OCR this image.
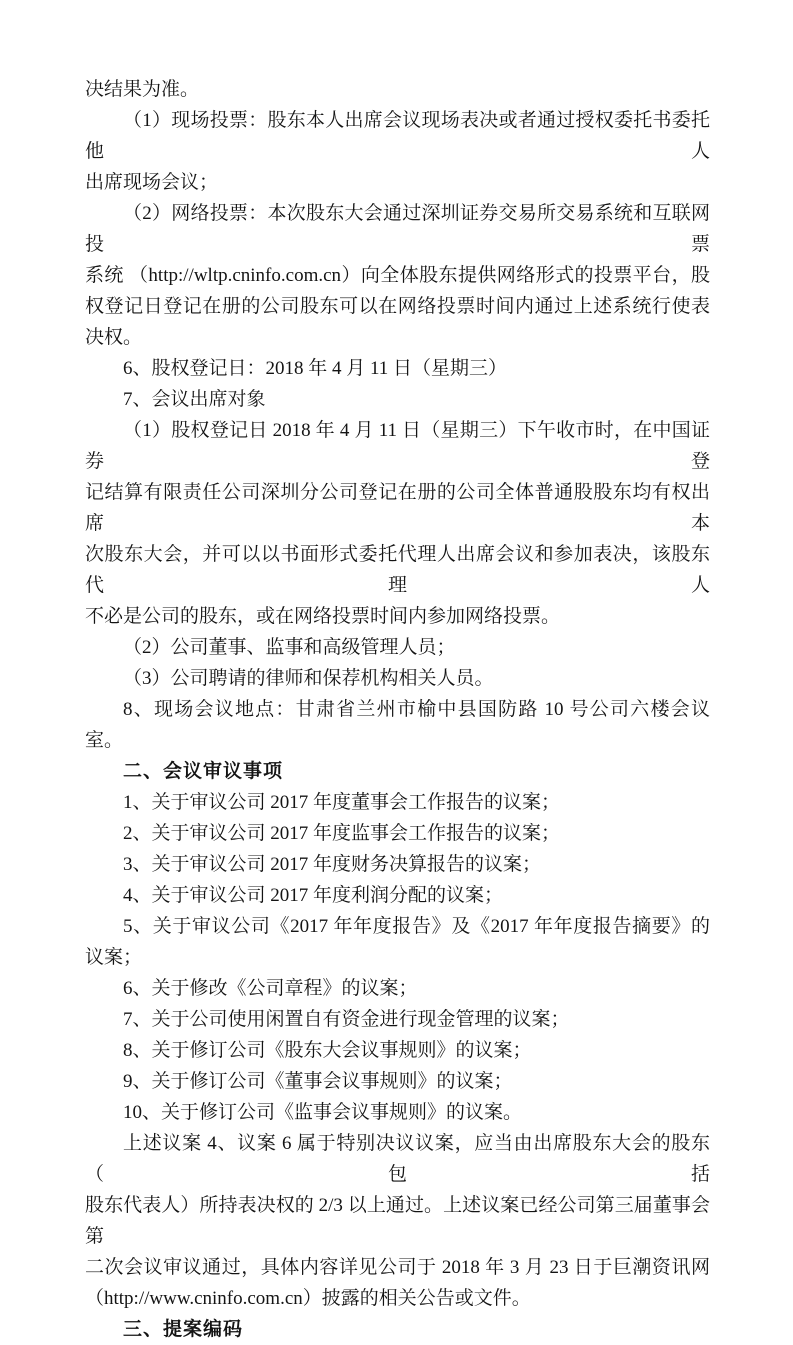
决结果为准。
（1）现场投票：股东本人出席会议现场表决或者通过授权委托书委托他人
出席现场会议；
（2）网络投票：本次股东大会通过深圳证券交易所交易系统和互联网投票
系统 （http://wltp.cninfo.com.cn）向全体股东提供网络形式的投票平台，股
权登记日登记在册的公司股东可以在网络投票时间内通过上述系统行使表决权。
6、股权登记日：2018 年 4 月 11 日（星期三）
7、会议出席对象
（1）股权登记日 2018 年 4 月 11 日（星期三）下午收市时，在中国证券登
记结算有限责任公司深圳分公司登记在册的公司全体普通股股东均有权出席本
次股东大会，并可以以书面形式委托代理人出席会议和参加表决，该股东代理人
不必是公司的股东，或在网络投票时间内参加网络投票。
（2）公司董事、监事和高级管理人员；
（3）公司聘请的律师和保荐机构相关人员。
8、现场会议地点：甘肃省兰州市榆中县国防路 10 号公司六楼会议室。
二、会议审议事项
1、关于审议公司 2017 年度董事会工作报告的议案；
2、关于审议公司 2017 年度监事会工作报告的议案；
3、关于审议公司 2017 年度财务决算报告的议案；
4、关于审议公司 2017 年度利润分配的议案；
5、关于审议公司《2017 年年度报告》及《2017 年年度报告摘要》的议案；
6、关于修改《公司章程》的议案；
7、关于公司使用闲置自有资金进行现金管理的议案；
8、关于修订公司《股东大会议事规则》的议案；
9、关于修订公司《董事会议事规则》的议案；
10、关于修订公司《监事会议事规则》的议案。
上述议案 4、议案 6 属于特别决议议案，应当由出席股东大会的股东（包括
股东代表人）所持表决权的 2/3 以上通过。上述议案已经公司第三届董事会第
二次会议审议通过，具体内容详见公司于 2018 年 3 月 23 日于巨潮资讯网
（http://www.cninfo.com.cn）披露的相关公告或文件。
三、提案编码
